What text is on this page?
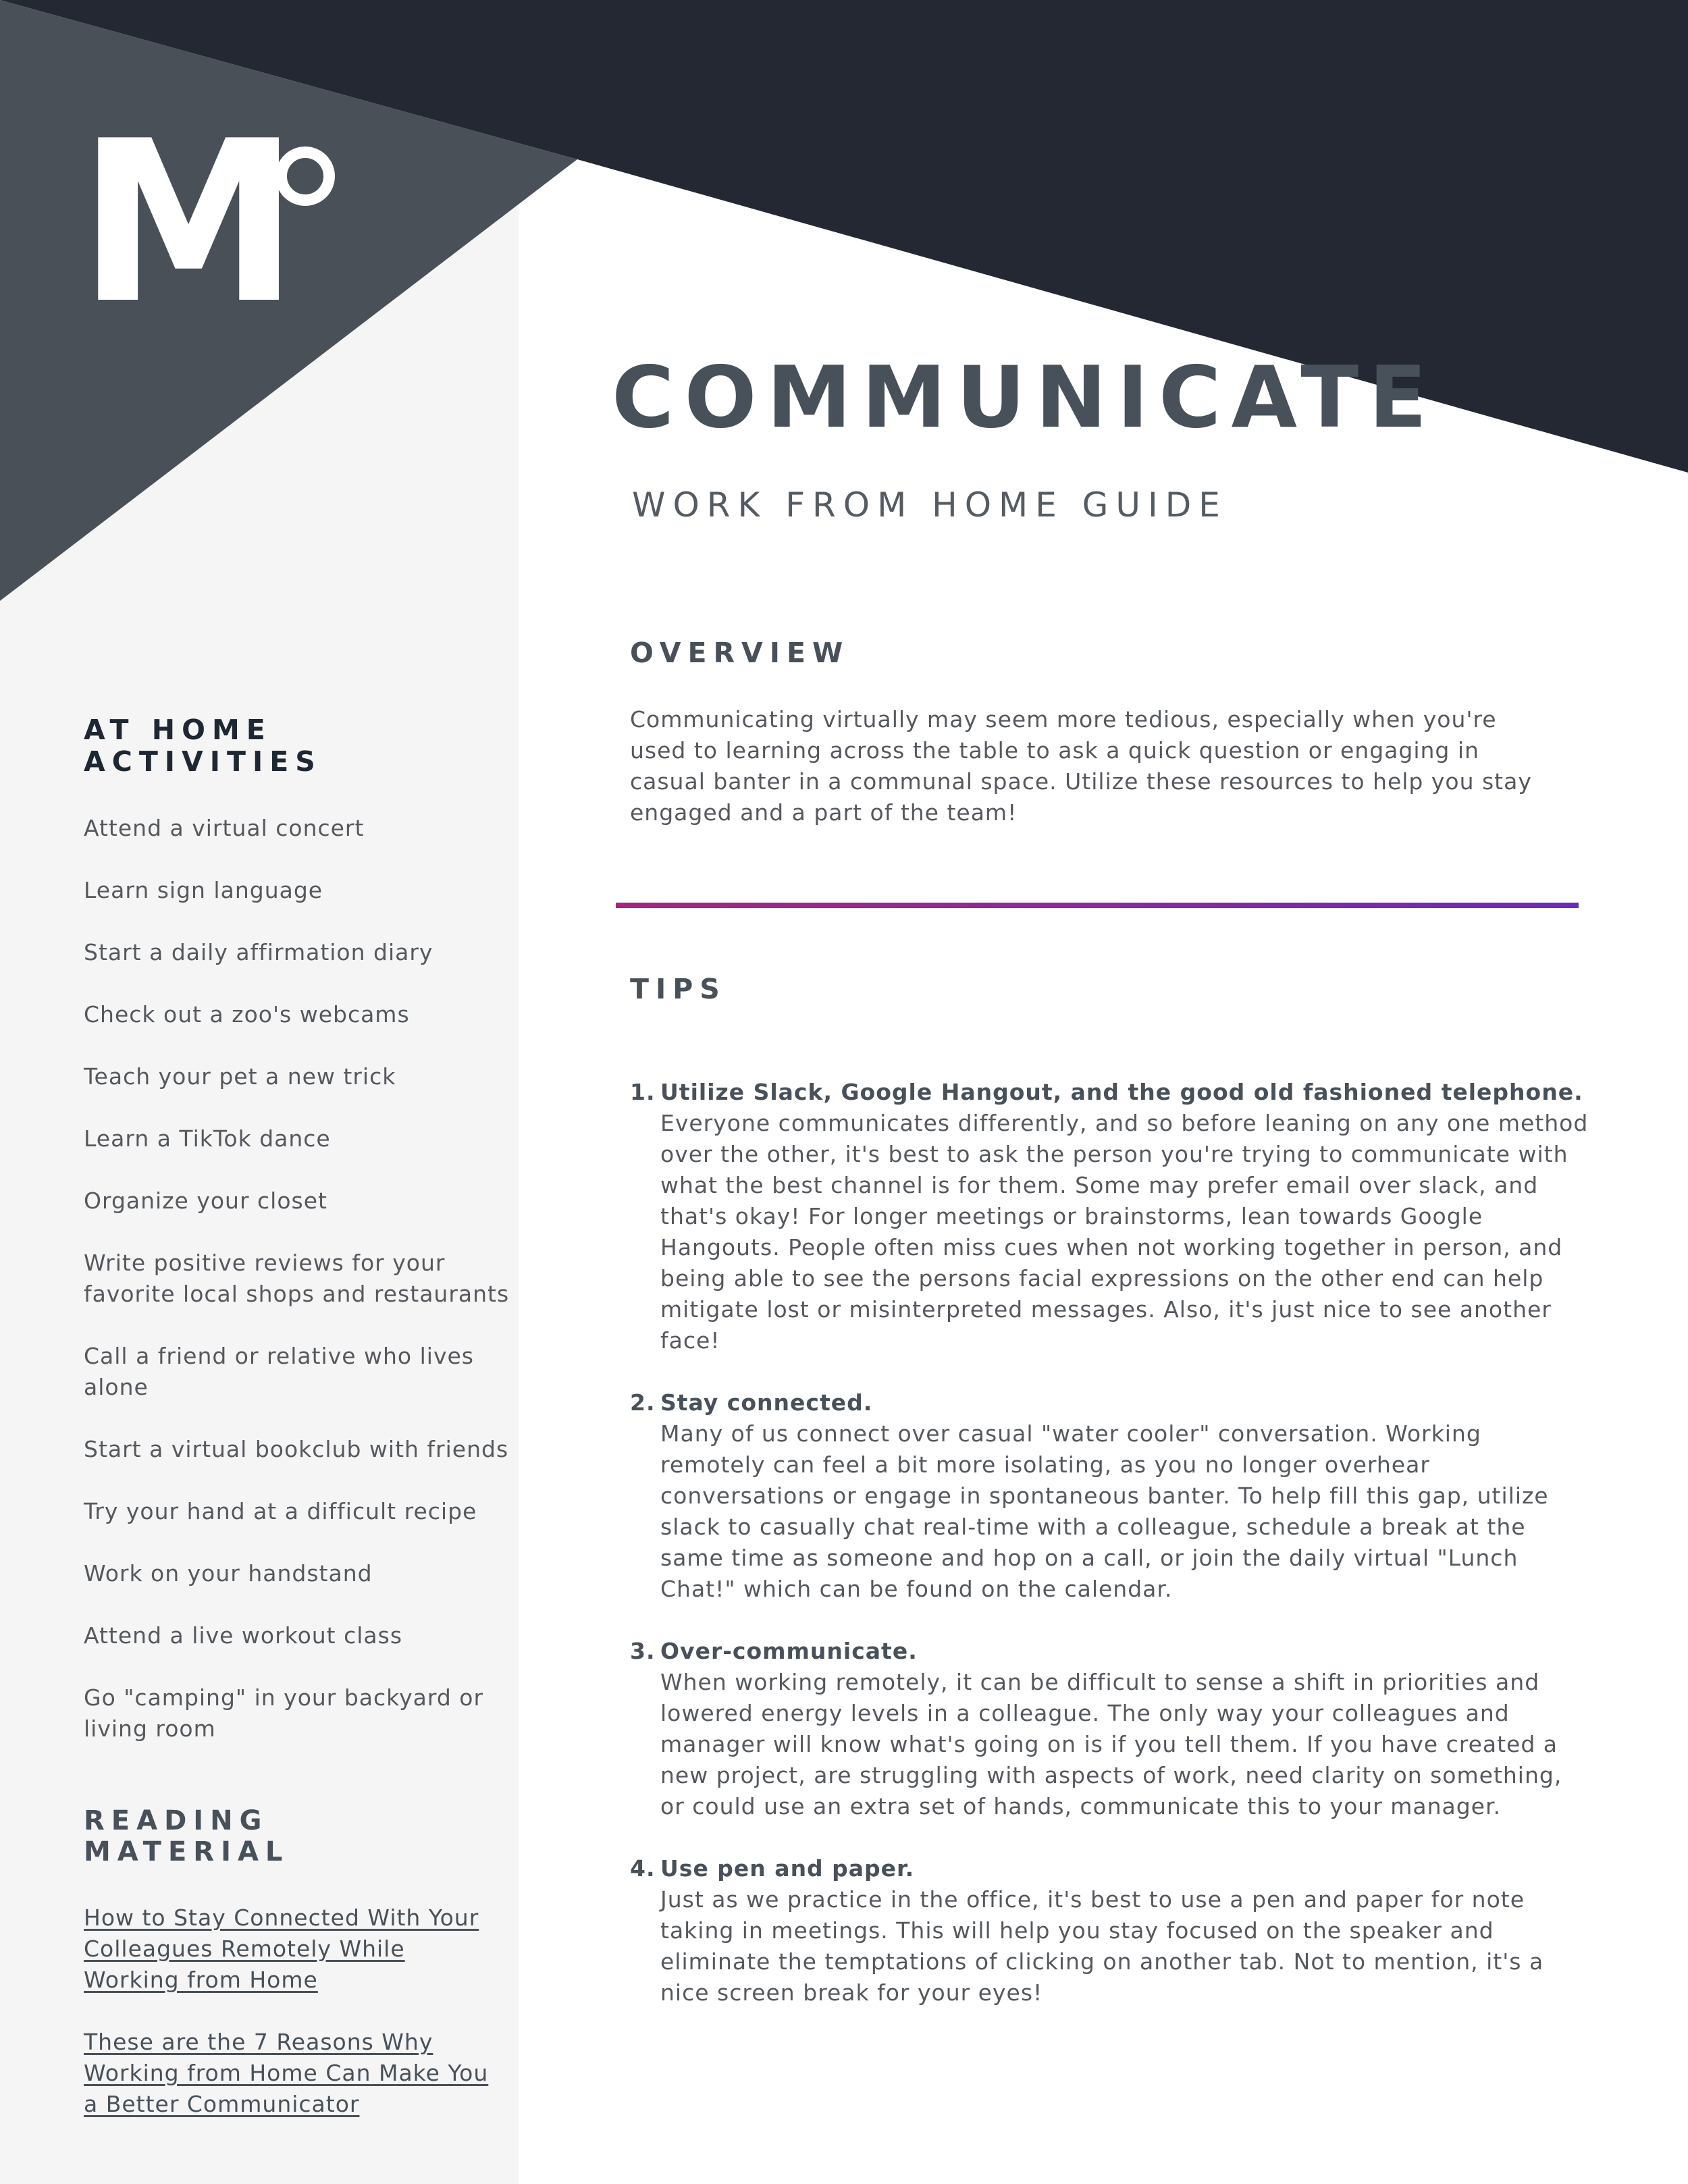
M
COMMUNICATE
WORK FROM HOME GUIDE
OVERVIEW

Communicating virtually may seem more tedious, especially when you're used to learning across the table to ask a quick question or engaging in casual banter in a communal space. Utilize these resources to help you stay engaged and a part of the team!

TIPS
1. Utilize Slack, Google Hangout, and the good old fashioned telephone.

Everyone communicates differently, and so before leaning on any one method over the other, it's best to ask the person you're trying to communicate with what the best channel is for them. Some may prefer email over slack, and that's okay! For longer meetings or brainstorms, lean towards Google Hangouts. People often miss cues when not working together in person, and being able to see the persons facial expressions on the other end can help mitigate lost or misinterpreted messages. Also, it's just nice to see another face!

2. Stay connected.

Many of us connect over casual "water cooler" conversation. Working remotely can feel a bit more isolating, as you no longer overhear conversations or engage in spontaneous banter. To help fill this gap, utilize slack to casually chat real-time with a colleague, schedule a break at the same time as someone and hop on a call, or join the daily virtual "Lunch Chat!" which can be found on the calendar.

3. Over-communicate.

When working remotely, it can be difficult to sense a shift in priorities and lowered energy levels in a colleague. The only way your colleagues and manager will know what's going on is if you tell them. If you have created a new project, are struggling with aspects of work, need clarity on something, or could use an extra set of hands, communicate this to your manager.

4. Use pen and paper.

Just as we practice in the office, it's best to use a pen and paper for note taking in meetings. This will help you stay focused on the speaker and eliminate the temptations of clicking on another tab. Not to mention, it's a nice screen break for your eyes!

AT HOME ACTIVITIES
Attend a virtual concert
Learn sign language
Start a daily affirmation diary
Check out a zoo's webcams
Teach your pet a new trick
Learn a TikTok dance
Organize your closet
Write positive reviews for your favorite local shops and restaurants
Call a friend or relative who lives alone
Start a virtual bookclub with friends
Try your hand at a difficult recipe
Work on your handstand
Attend a live workout class
Go "camping" in your backyard or living room
READING MATERIAL
How to Stay Connected With Your Colleagues Remotely While Working from Home
These are the 7 Reasons Why Working from Home Can Make You a Better Communicator
